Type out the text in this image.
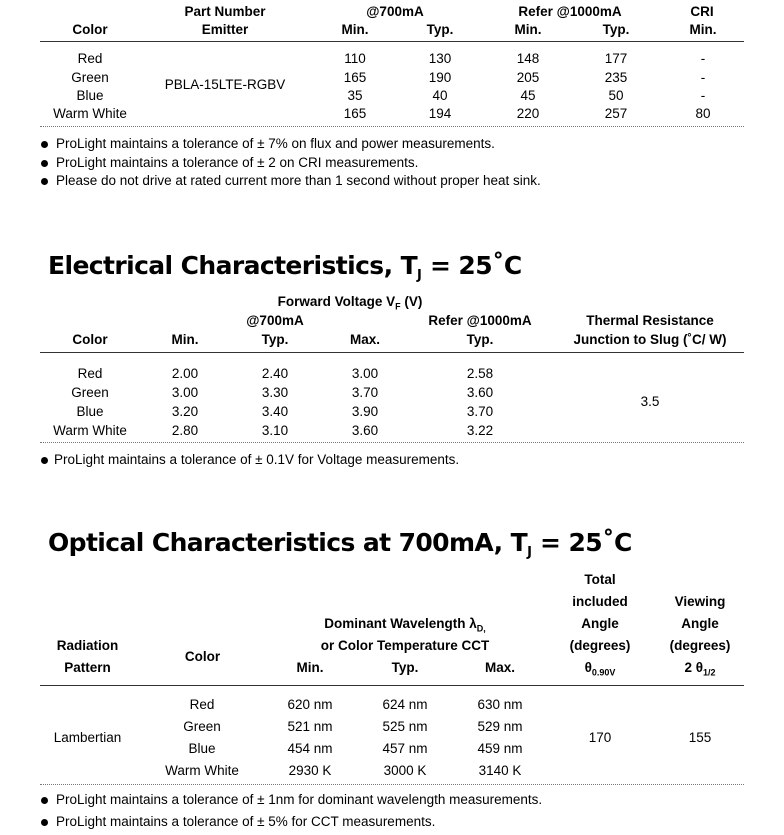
Part Number
Emitter
@700mA	Refer @1000mA	CRI
Color	Min.	Typ.	Min.	Typ.	Min.
PBLA-15LTE-RGBV
Red	110	130	148	177	-
Green	165	190	205	235	-
Blue	35	40	45	50	-
Warm White	165	194	220	257	80
ProLight maintains a tolerance of ± 7% on flux and power measurements.
ProLight maintains a tolerance of ± 2 on CRI measurements.
Please do not drive at rated current more than 1 second without proper heat sink.
Electrical Characteristics, $T_J$ = 25˚C
Forward Voltage $V_F$ (V)
@700mA	Refer @1000mA	Thermal Resistance
Color	Min.	Typ.	Max.	Typ.	Junction to Slug (˚C/ W)
Red	2.00	2.40	3.00	2.58
Green	3.00	3.30	3.70	3.60
Blue	3.20	3.40	3.90	3.70
Warm White	2.80	3.10	3.60	3.22
3.5
ProLight maintains a tolerance of ± 0.1V for Voltage measurements.
Optical Characteristics at 700mA, $T_J$ = 25˚C
Total
included
Angle
(degrees)
$\theta_{0.90V}$
Viewing
Angle
(degrees)
2 $\theta_{1/2}$
Dominant Wavelength $\lambda_{D,}$
or Color Temperature CCT
Radiation
Pattern
Color
Min.	Typ.	Max.
Lambertian
Red	620 nm	624 nm	630 nm
Green	521 nm	525 nm	529 nm
Blue	454 nm	457 nm	459 nm
Warm White	2930 K	3000 K	3140 K
170	155
ProLight maintains a tolerance of ± 1nm for dominant wavelength measurements.
ProLight maintains a tolerance of ± 5% for CCT measurements.
